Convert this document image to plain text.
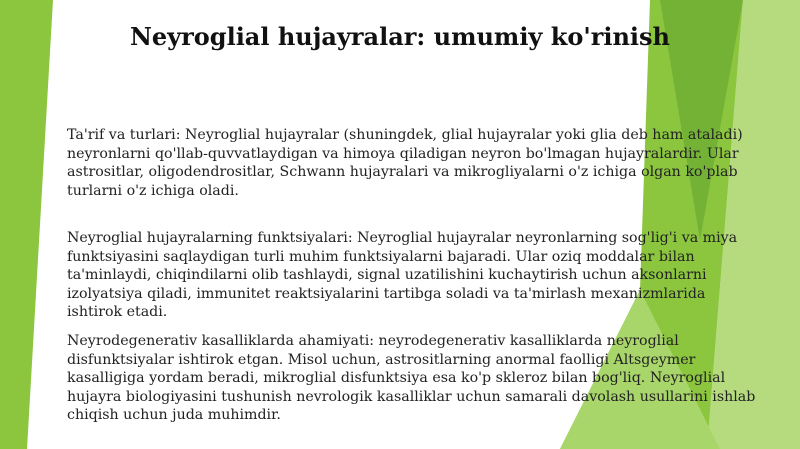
Neyroglial hujayralar: umumiy ko'rinish

Ta'rif va turlari: Neyroglial hujayralar (shuningdek, glial hujayralar yoki glia deb ham ataladi) neyronlarni qo'llab-quvvatlaydigan va himoya qiladigan neyron bo'lmagan hujayralardir. Ular astrositlar, oligodendrositlar, Schwann hujayralari va mikrogliyalarni o'z ichiga olgan ko'plab turlarni o'z ichiga oladi.

Neyroglial hujayralarning funktsiyalari: Neyroglial hujayralar neyronlarning sog'lig'i va miya funktsiyasini saqlaydigan turli muhim funktsiyalarni bajaradi. Ular oziq moddalar bilan ta'minlaydi, chiqindilarni olib tashlaydi, signal uzatilishini kuchaytirish uchun aksonlarni izolyatsiya qiladi, immunitet reaktsiyalarini tartibga soladi va ta'mirlash mexanizmlarida ishtirok etadi.

Neyrodegenerativ kasalliklarda ahamiyati: neyrodegenerativ kasalliklarda neyroglial disfunktsiyalar ishtirok etgan. Misol uchun, astrositlarning anormal faolligi Altsgeymer kasalligiga yordam beradi, mikroglial disfunktsiya esa ko'p skleroz bilan bog'liq. Neyroglial hujayra biologiyasini tushunish nevrologik kasalliklar uchun samarali davolash usullarini ishlab chiqish uchun juda muhimdir.
